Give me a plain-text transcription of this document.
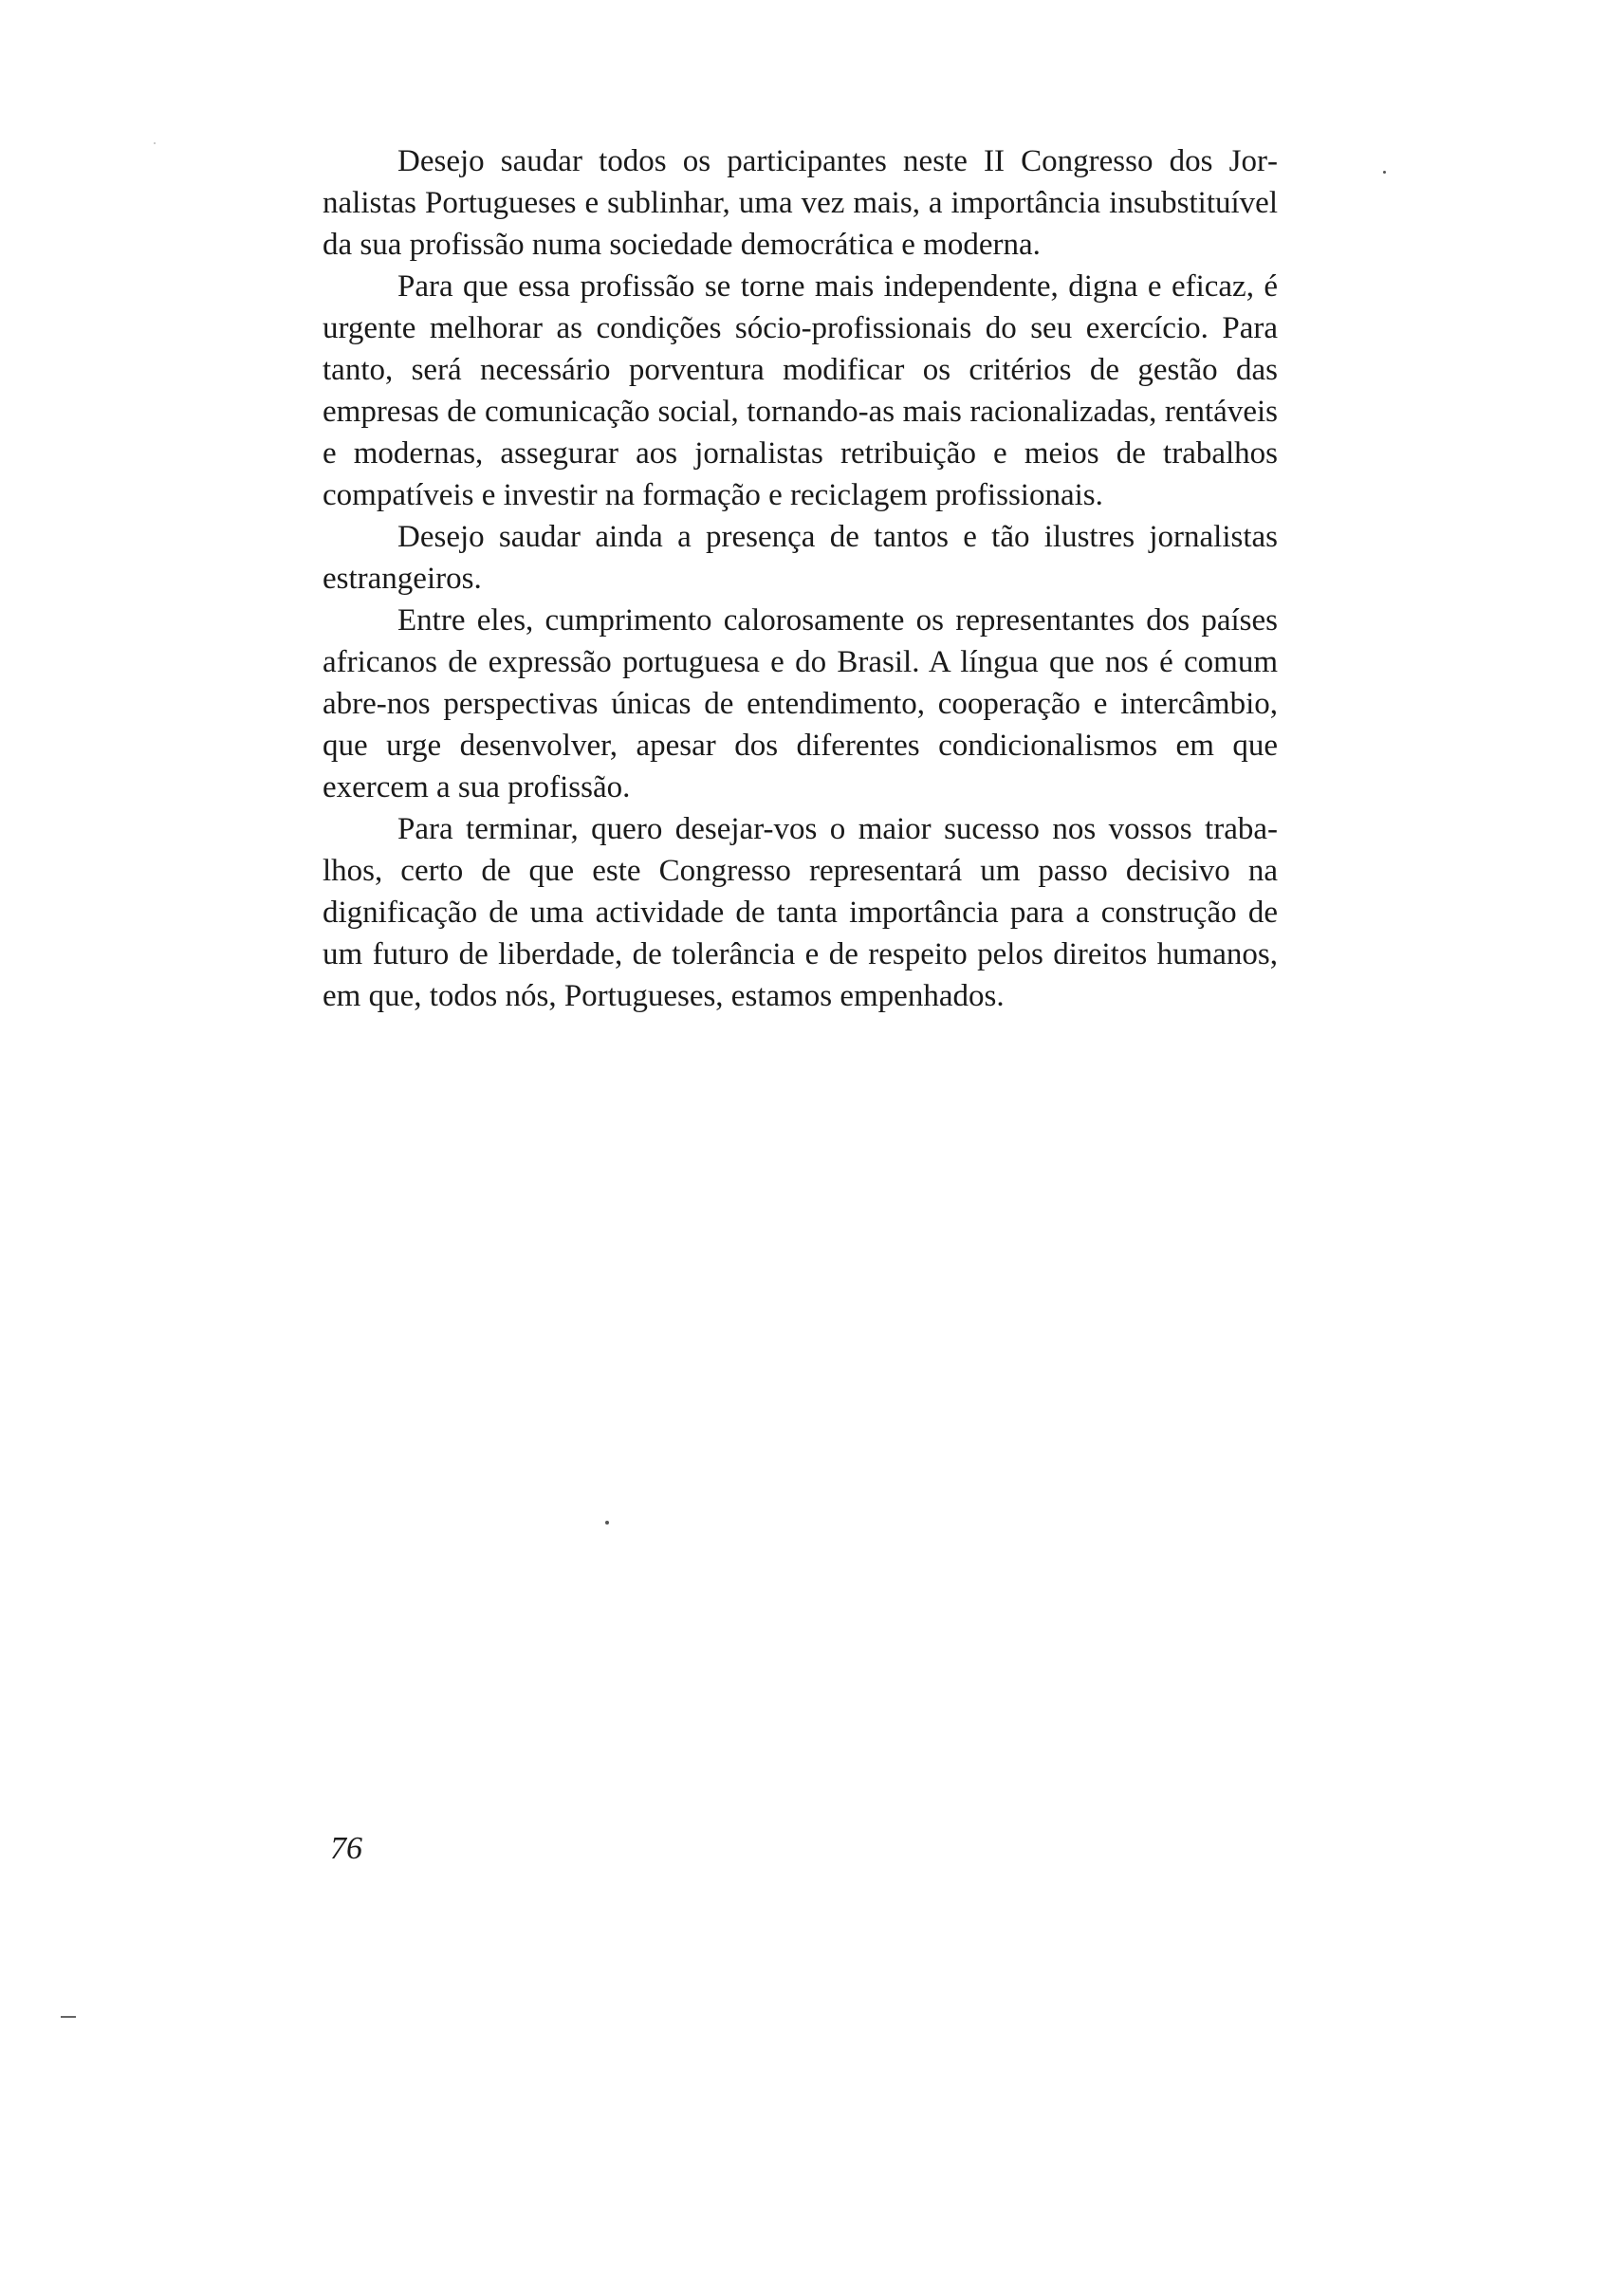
Desejo saudar todos os participantes neste II Congresso dos Jornalistas Portugueses e sublinhar, uma vez mais, a importância insubstituível da sua profissão numa sociedade democrática e moderna.

Para que essa profissão se torne mais independente, digna e eficaz, é urgente melhorar as condições sócio-profissionais do seu exercício. Para tanto, será necessário porventura modificar os critérios de gestão das empresas de comunicação social, tornando-as mais racionalizadas, rentáveis e modernas, assegurar aos jornalistas retribuição e meios de trabalhos compatíveis e investir na formação e reciclagem profissionais.

Desejo saudar ainda a presença de tantos e tão ilustres jornalistas estrangeiros.

Entre eles, cumprimento calorosamente os representantes dos países africanos de expressão portuguesa e do Brasil. A língua que nos é comum abre-nos perspectivas únicas de entendimento, cooperação e intercâmbio, que urge desenvolver, apesar dos diferentes condicionalismos em que exercem a sua profissão.

Para terminar, quero desejar-vos o maior sucesso nos vossos trabalhos, certo de que este Congresso representará um passo decisivo na dignificação de uma actividade de tanta importância para a construção de um futuro de liberdade, de tolerância e de respeito pelos direitos humanos, em que, todos nós, Portugueses, estamos empenhados.

76
